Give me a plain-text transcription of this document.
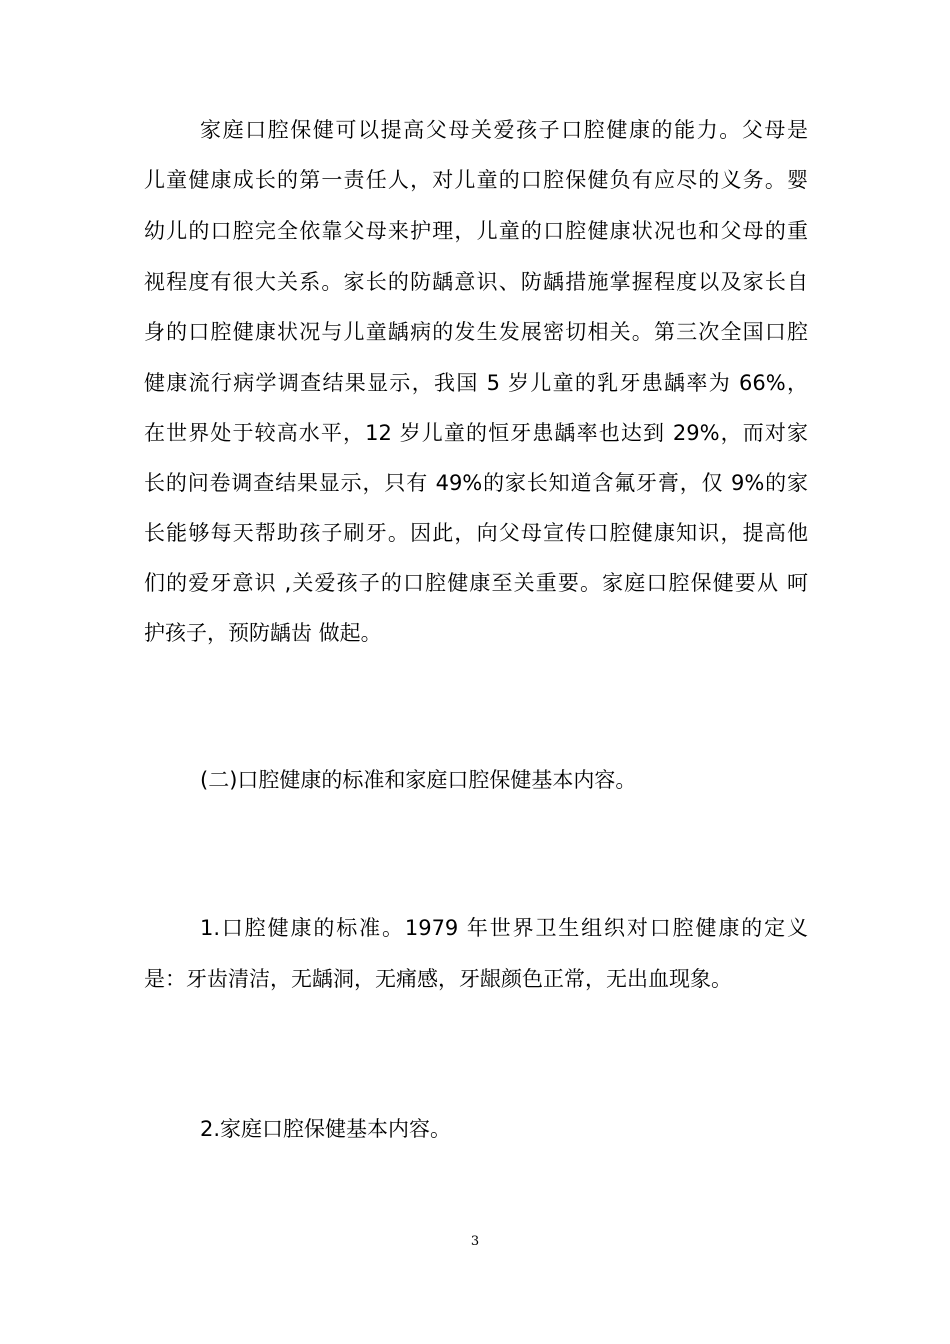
家庭口腔保健可以提高父母关爱孩子口腔健康的能力。父母是
儿童健康成长的第一责任人，对儿童的口腔保健负有应尽的义务。婴
幼儿的口腔完全依靠父母来护理，儿童的口腔健康状况也和父母的重
视程度有很大关系。家长的防龋意识、防龋措施掌握程度以及家长自
身的口腔健康状况与儿童龋病的发生发展密切相关。第三次全国口腔
健康流行病学调查结果显示，我国 5 岁儿童的乳牙患龋率为 66%，
在世界处于较高水平，12 岁儿童的恒牙患龋率也达到 29%，而对家
长的问卷调查结果显示，只有 49%的家长知道含氟牙膏，仅 9%的家
长能够每天帮助孩子刷牙。因此，向父母宣传口腔健康知识，提高他
们的爱牙意识 ,关爱孩子的口腔健康至关重要。家庭口腔保健要从 呵
护孩子，预防龋齿 做起。
(二)口腔健康的标准和家庭口腔保健基本内容。
1.口腔健康的标准。1979 年世界卫生组织对口腔健康的定义
是：牙齿清洁，无龋洞，无痛感，牙龈颜色正常，无出血现象。
2.家庭口腔保健基本内容。
3
